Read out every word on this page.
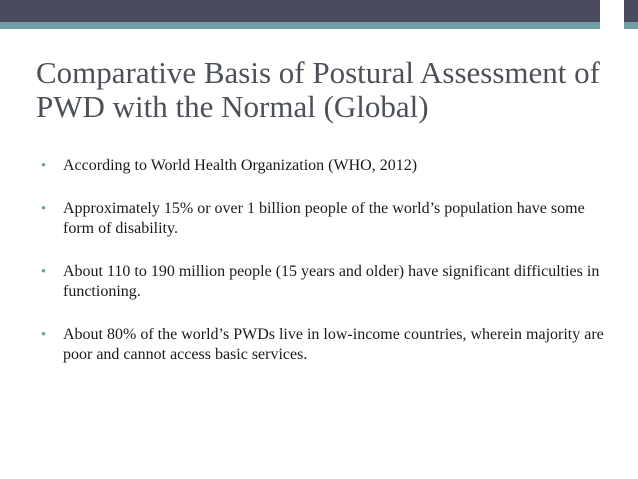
7
Comparative Basis of Postural Assessment of PWD with the Normal (Global)
•	According to World Health Organization (WHO, 2012)
•	Approximately 15% or over 1 billion people of the world’s population have some form of disability.
•	About 110 to 190 million people (15 years and older) have significant difficulties in functioning.
•	About 80% of the world’s PWDs live in low-income countries, wherein majority are poor and cannot access basic services.
